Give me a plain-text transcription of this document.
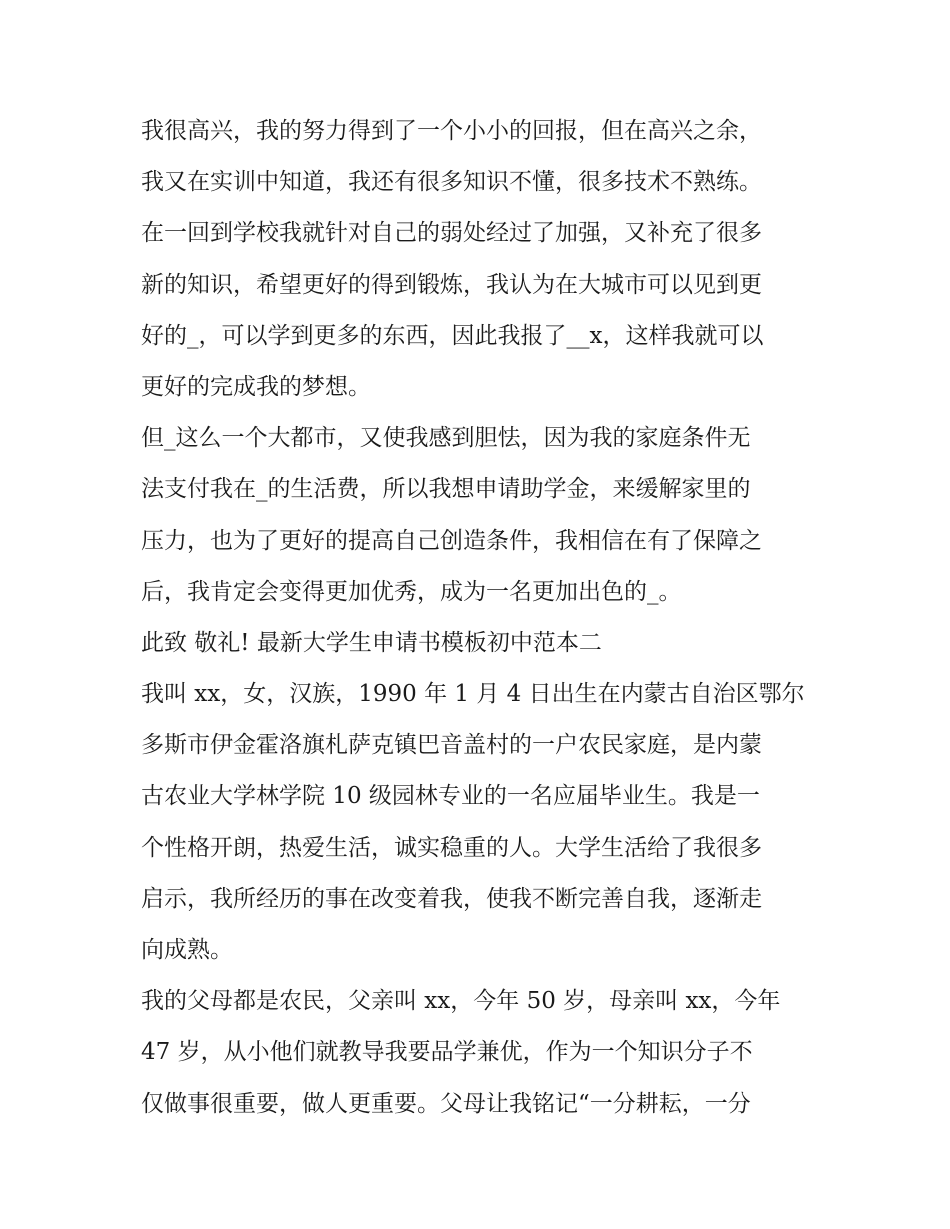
我很高兴，我的努力得到了一个小小的回报，但在高兴之余，
我又在实训中知道，我还有很多知识不懂，很多技术不熟练。
在一回到学校我就针对自己的弱处经过了加强，又补充了很多
新的知识，希望更好的得到锻炼，我认为在大城市可以见到更
好的_，可以学到更多的东西，因此我报了__x，这样我就可以
更好的完成我的梦想。
但_这么一个大都市，又使我感到胆怯，因为我的家庭条件无
法支付我在_的生活费，所以我想申请助学金，来缓解家里的
压力，也为了更好的提高自己创造条件，我相信在有了保障之
后，我肯定会变得更加优秀，成为一名更加出色的_。
此致 敬礼! 最新大学生申请书模板初中范本二
我叫 xx，女，汉族，1990 年 1 月 4 日出生在内蒙古自治区鄂尔
多斯市伊金霍洛旗札萨克镇巴音盖村的一户农民家庭，是内蒙
古农业大学林学院 10 级园林专业的一名应届毕业生。我是一
个性格开朗，热爱生活，诚实稳重的人。大学生活给了我很多
启示，我所经历的事在改变着我，使我不断完善自我，逐渐走
向成熟。
我的父母都是农民，父亲叫 xx，今年 50 岁，母亲叫 xx，今年
47 岁，从小他们就教导我要品学兼优，作为一个知识分子不
仅做事很重要，做人更重要。父母让我铭记“一分耕耘，一分
